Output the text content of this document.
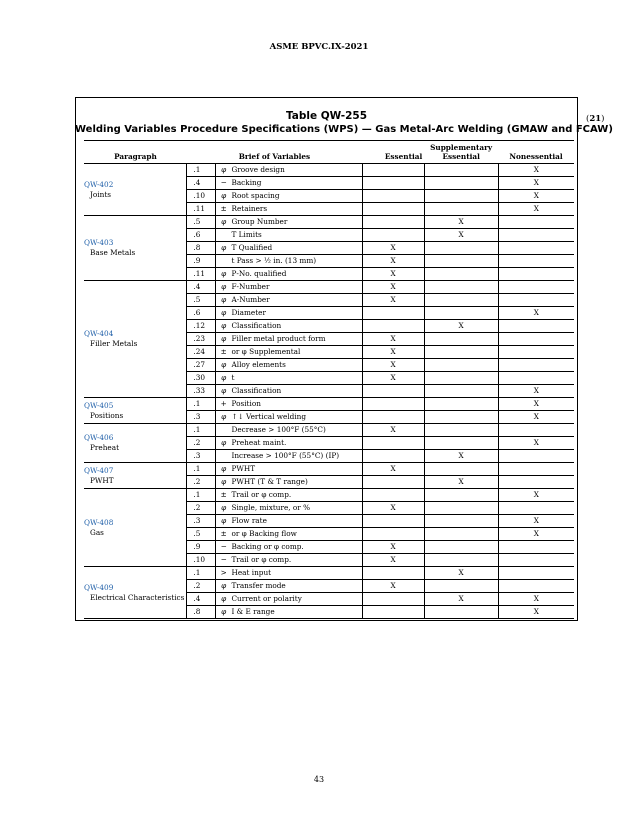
ASME BPVC.IX-2021
(21)
Table QW-255
Welding Variables Procedure Specifications (WPS) — Gas Metal-Arc Welding (GMAW and FCAW)
Paragraph	Brief of Variables		Essential	Supplementary Essential	Nonessential

QW-402
Joints	.1	φ Groove design			X
	.4	− Backing			X
	.10	φ Root spacing			X
	.11	± Retainers			X

QW-403
Base Metals	.5	φ Group Number		X	
	.6	T Limits		X	
	.8	φ T Qualified	X		
	.9	t Pass > ½ in. (13 mm)	X		
	.11	φ P‑No. qualified	X		

QW-404
Filler Metals	.4	φ F‑Number	X		
	.5	φ A‑Number	X		
	.6	φ Diameter			X
	.12	φ Classification		X	
	.23	φ Filler metal product form	X		
	.24	± or φ Supplemental	X		
	.27	φ Alloy elements	X		
	.30	φ t	X		
	.33	φ Classification			X

QW-405
Positions	.1	+ Position			X
	.3	φ ↑↓ Vertical welding			X

QW-406
Preheat	.1	Decrease > 100°F (55°C)	X		
	.2	φ Preheat maint.			X
	.3	Increase > 100°F (55°C) (IP)		X	

QW-407
PWHT	.1	φ PWHT	X		
	.2	φ PWHT (T & T range)		X	

QW-408
Gas	.1	± Trail or φ comp.			X
	.2	φ Single, mixture, or %	X		
	.3	φ Flow rate			X
	.5	± or φ Backing flow			X
	.9	− Backing or φ comp.	X		
	.10	− Trail or φ comp.	X		

QW-409
Electrical Characteristics	.1	> Heat input		X	
	.2	φ Transfer mode	X		
	.4	φ Current or polarity		X	X
	.8	φ I & E range			X
43
